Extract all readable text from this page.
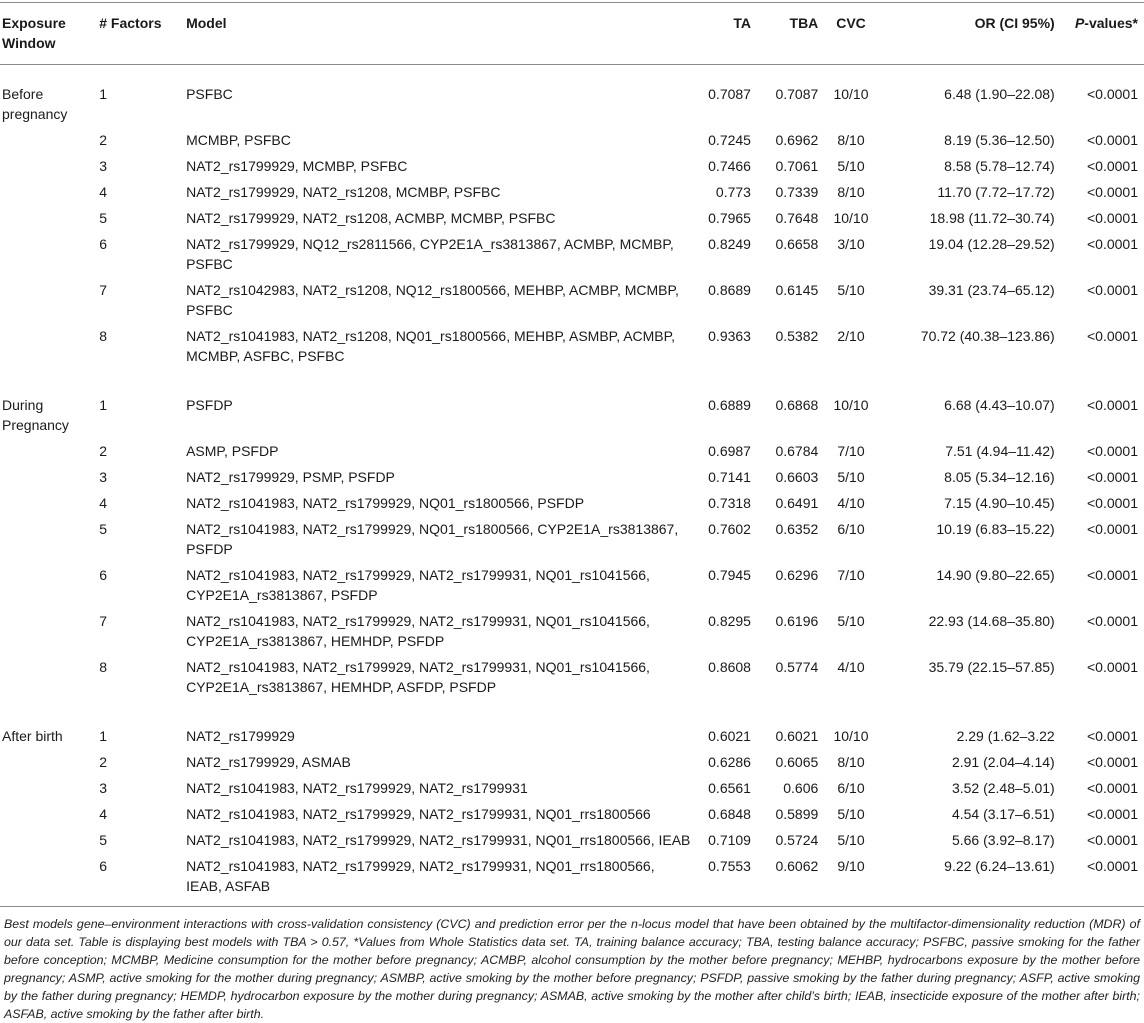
Exposure Window	# Factors	Model	TA	TBA	CVC	OR (CI 95%)	P-values*
Before pregnancy	1	PSFBC	0.7087	0.7087	10/10	6.48 (1.90–22.08)	<0.0001
	2	MCMBP, PSFBC	0.7245	0.6962	8/10	8.19 (5.36–12.50)	<0.0001
	3	NAT2_rs1799929, MCMBP, PSFBC	0.7466	0.7061	5/10	8.58 (5.78–12.74)	<0.0001
	4	NAT2_rs1799929, NAT2_rs1208, MCMBP, PSFBC	0.773	0.7339	8/10	11.70 (7.72–17.72)	<0.0001
	5	NAT2_rs1799929, NAT2_rs1208, ACMBP, MCMBP, PSFBC	0.7965	0.7648	10/10	18.98 (11.72–30.74)	<0.0001
	6	NAT2_rs1799929, NQ12_rs2811566, CYP2E1A_rs3813867, ACMBP, MCMBP, PSFBC	0.8249	0.6658	3/10	19.04 (12.28–29.52)	<0.0001
	7	NAT2_rs1042983, NAT2_rs1208, NQ12_rs1800566, MEHBP, ACMBP, MCMBP, PSFBC	0.8689	0.6145	5/10	39.31 (23.74–65.12)	<0.0001
	8	NAT2_rs1041983, NAT2_rs1208, NQ01_rs1800566, MEHBP, ASMBP, ACMBP, MCMBP, ASFBC, PSFBC	0.9363	0.5382	2/10	70.72 (40.38–123.86)	<0.0001
During Pregnancy	1	PSFDP	0.6889	0.6868	10/10	6.68 (4.43–10.07)	<0.0001
	2	ASMP, PSFDP	0.6987	0.6784	7/10	7.51 (4.94–11.42)	<0.0001
	3	NAT2_rs1799929, PSMP, PSFDP	0.7141	0.6603	5/10	8.05 (5.34–12.16)	<0.0001
	4	NAT2_rs1041983, NAT2_rs1799929, NQ01_rs1800566, PSFDP	0.7318	0.6491	4/10	7.15 (4.90–10.45)	<0.0001
	5	NAT2_rs1041983, NAT2_rs1799929, NQ01_rs1800566, CYP2E1A_rs3813867, PSFDP	0.7602	0.6352	6/10	10.19 (6.83–15.22)	<0.0001
	6	NAT2_rs1041983, NAT2_rs1799929, NAT2_rs1799931, NQ01_rs1041566, CYP2E1A_rs3813867, PSFDP	0.7945	0.6296	7/10	14.90 (9.80–22.65)	<0.0001
	7	NAT2_rs1041983, NAT2_rs1799929, NAT2_rs1799931, NQ01_rs1041566, CYP2E1A_rs3813867, HEMHDP, PSFDP	0.8295	0.6196	5/10	22.93 (14.68–35.80)	<0.0001
	8	NAT2_rs1041983, NAT2_rs1799929, NAT2_rs1799931, NQ01_rs1041566, CYP2E1A_rs3813867, HEMHDP, ASFDP, PSFDP	0.8608	0.5774	4/10	35.79 (22.15–57.85)	<0.0001
After birth	1	NAT2_rs1799929	0.6021	0.6021	10/10	2.29 (1.62–3.22	<0.0001
	2	NAT2_rs1799929, ASMAB	0.6286	0.6065	8/10	2.91 (2.04–4.14)	<0.0001
	3	NAT2_rs1041983, NAT2_rs1799929, NAT2_rs1799931	0.6561	0.606	6/10	3.52 (2.48–5.01)	<0.0001
	4	NAT2_rs1041983, NAT2_rs1799929, NAT2_rs1799931, NQ01_rrs1800566	0.6848	0.5899	5/10	4.54 (3.17–6.51)	<0.0001
	5	NAT2_rs1041983, NAT2_rs1799929, NAT2_rs1799931, NQ01_rrs1800566, IEAB	0.7109	0.5724	5/10	5.66 (3.92–8.17)	<0.0001
	6	NAT2_rs1041983, NAT2_rs1799929, NAT2_rs1799931, NQ01_rrs1800566, IEAB, ASFAB	0.7553	0.6062	9/10	9.22 (6.24–13.61)	<0.0001
Best models gene–environment interactions with cross-validation consistency (CVC) and prediction error per the n-locus model that have been obtained by the multifactor-dimensionality reduction (MDR) of our data set. Table is displaying best models with TBA > 0.57, *Values from Whole Statistics data set. TA, training balance accuracy; TBA, testing balance accuracy; PSFBC, passive smoking for the father before conception; MCMBP, Medicine consumption for the mother before pregnancy; ACMBP, alcohol consumption by the mother before pregnancy; MEHBP, hydrocarbons exposure by the mother before pregnancy; ASMP, active smoking for the mother during pregnancy; ASMBP, active smoking by the mother before pregnancy; PSFDP, passive smoking by the father during pregnancy; ASFP, active smoking by the father during pregnancy; HEMDP, hydrocarbon exposure by the mother during pregnancy; ASMAB, active smoking by the mother after child’s birth; IEAB, insecticide exposure of the mother after birth; ASFAB, active smoking by the father after birth.
